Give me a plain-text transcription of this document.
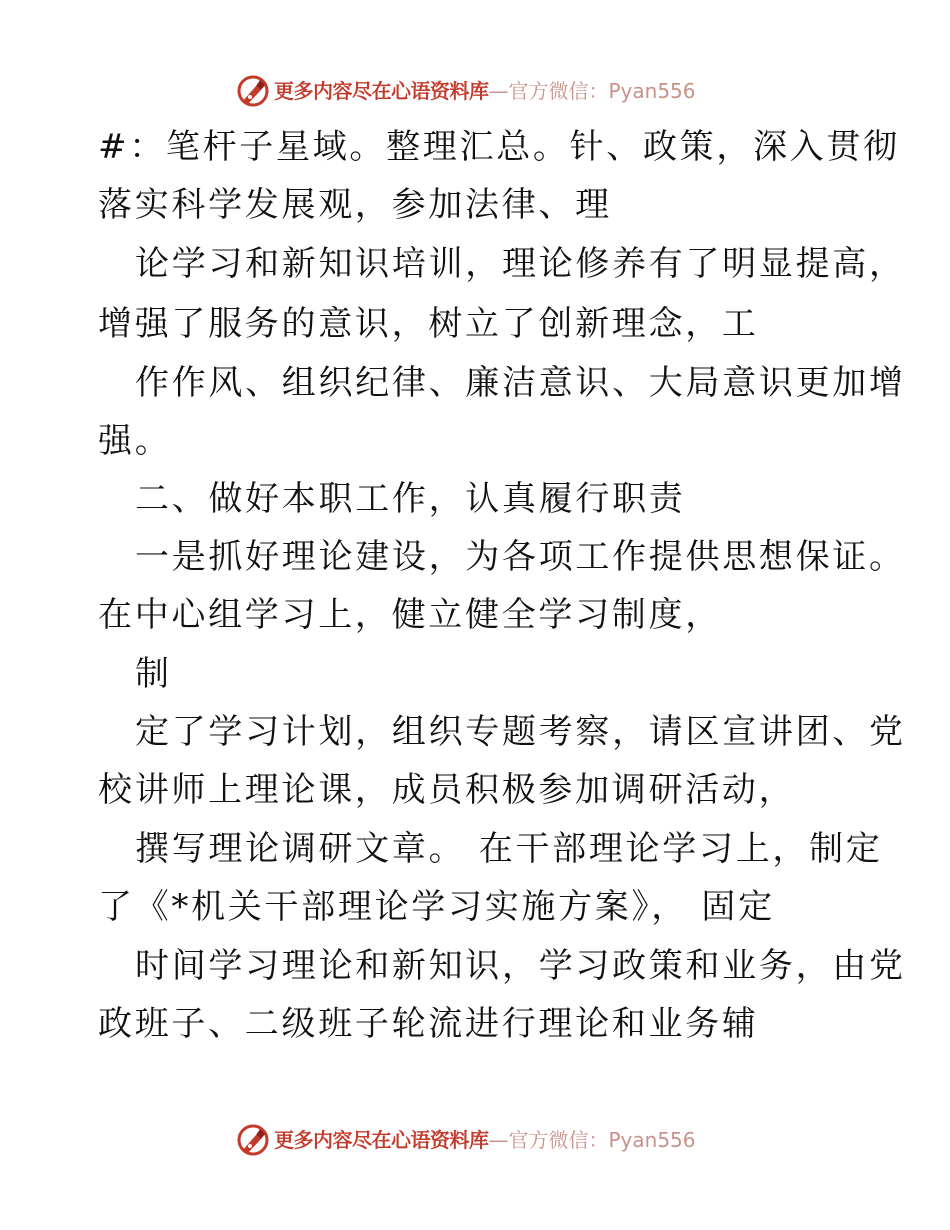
更多内容尽在心语资料库—官方微信：Pyan556
#：笔杆子星域。整理汇总。针、政策，深入贯彻
落实科学发展观，参加法律、理
论学习和新知识培训，理论修养有了明显提高，
增强了服务的意识，树立了创新理念，工
作作风、组织纪律、廉洁意识、大局意识更加增
强。
二、做好本职工作，认真履行职责
一是抓好理论建设，为各项工作提供思想保证。
在中心组学习上，健立健全学习制度，
制
定了学习计划，组织专题考察，请区宣讲团、党
校讲师上理论课，成员积极参加调研活动，
撰写理论调研文章。 在干部理论学习上，制定
了《*机关干部理论学习实施方案》， 固定
时间学习理论和新知识，学习政策和业务，由党
政班子、二级班子轮流进行理论和业务辅
更多内容尽在心语资料库—官方微信：Pyan556
